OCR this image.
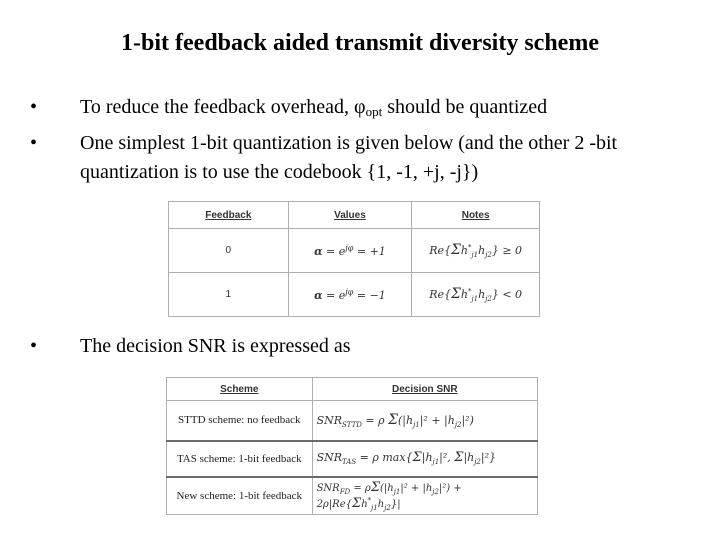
1-bit feedback aided transmit diversity scheme
•	To reduce the feedback overhead, $\varphi_{opt}$ should be quantized
•	One simplest 1-bit quantization is given below (and the other 2 -bit quantization is to use the codebook {1, -1, +j, -j})
Feedback	Values	Notes
0	$\alpha = e^{j\varphi} = +1$	$Re\{\Sigma h^*_{j1}h_{j2}\} \ge 0$
1	$\alpha = e^{j\varphi} = -1$	$Re\{\Sigma h^*_{j1}h_{j2}\} < 0$
•	The decision SNR is expressed as
Scheme	Decision SNR
STTD scheme: no feedback	$SNR_{STTD} = \rho$ $\Sigma(|h_{j1}|^2 + |h_{j2}|^2)$
TAS scheme: 1-bit feedback	$SNR_{TAS} = \rho$ $\max\{\Sigma|h_{j1}|^2$, $\Sigma|h_{j2}|^2$}
New scheme: 1-bit feedback	$SNR_{FD} = \rho\Sigma(|h_{j1}|^2 + |h_{j2}|^2) + 2\rho|Re\{\Sigma h^*_{j1}h_{j2}\}|$
